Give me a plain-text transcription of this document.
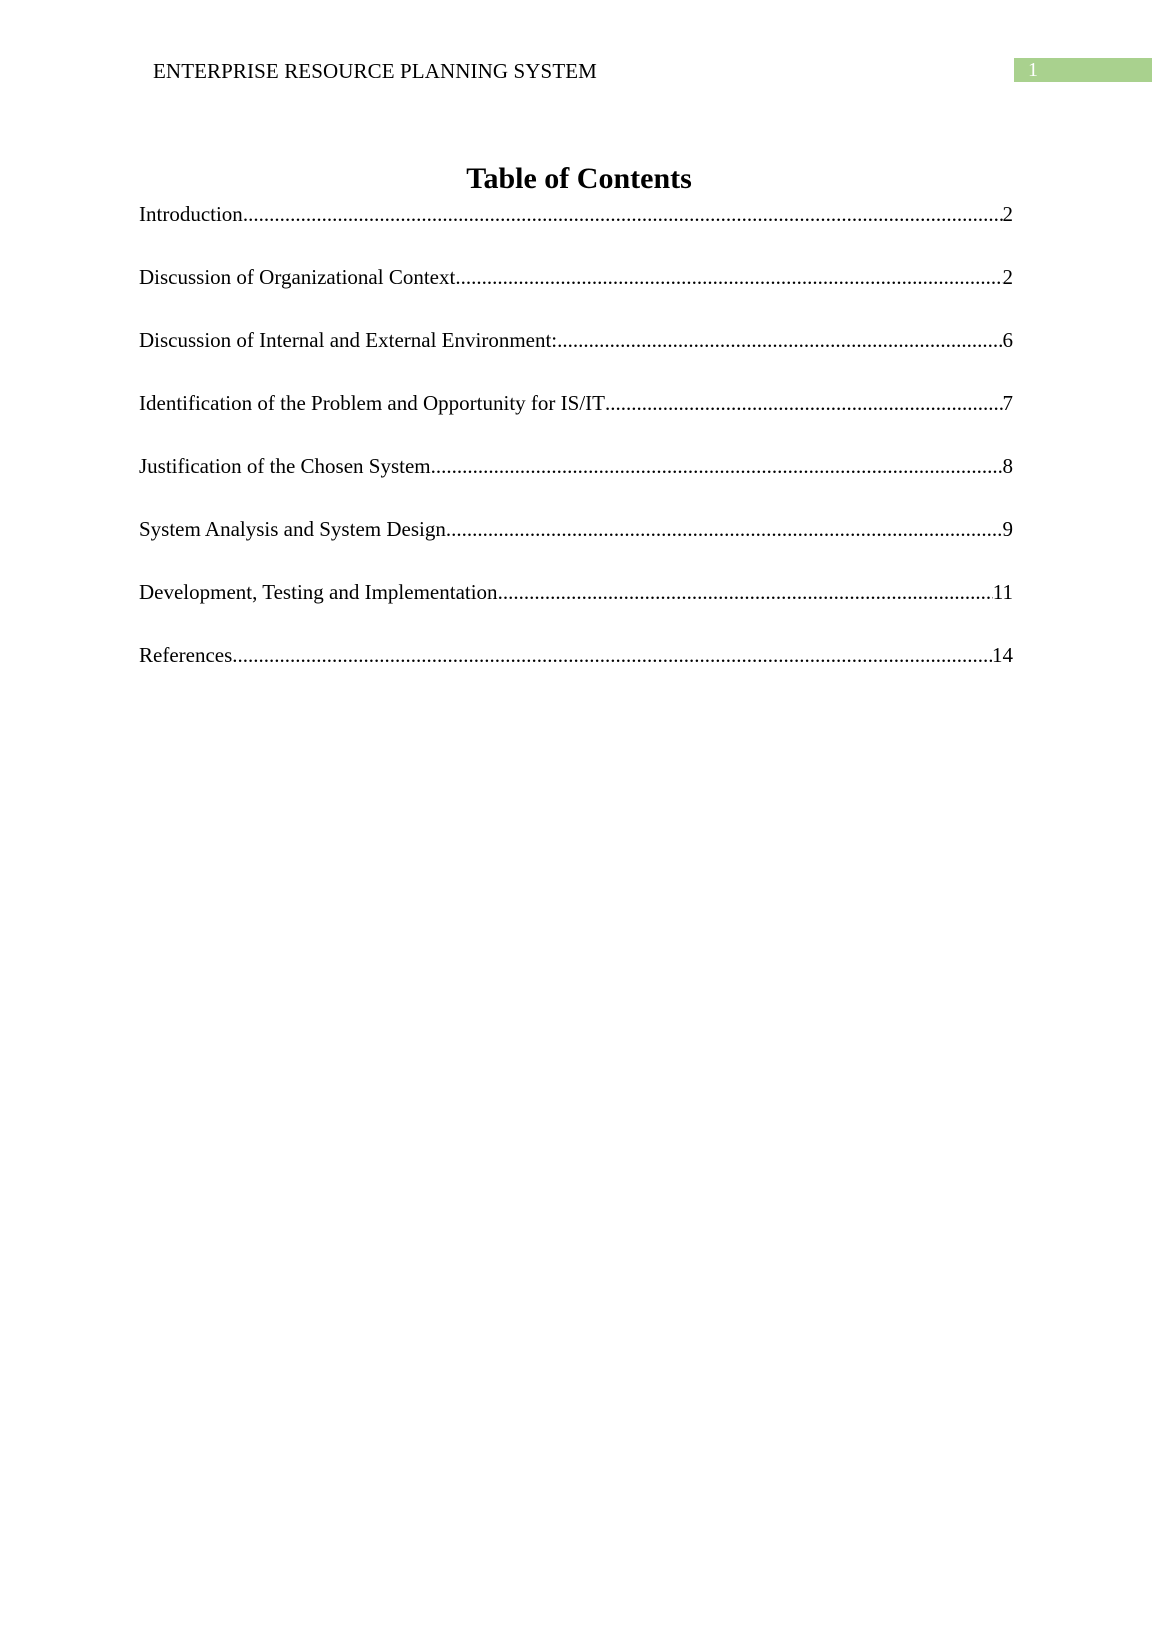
ENTERPRISE RESOURCE PLANNING SYSTEM	1
Table of Contents
Introduction .....	2
Discussion of Organizational Context .....	2
Discussion of Internal and External Environment: .....	6
Identification of the Problem and Opportunity for IS/IT .....	7
Justification of the Chosen System .....	8
System Analysis and System Design .....	9
Development, Testing and Implementation .....	11
References .....	14
